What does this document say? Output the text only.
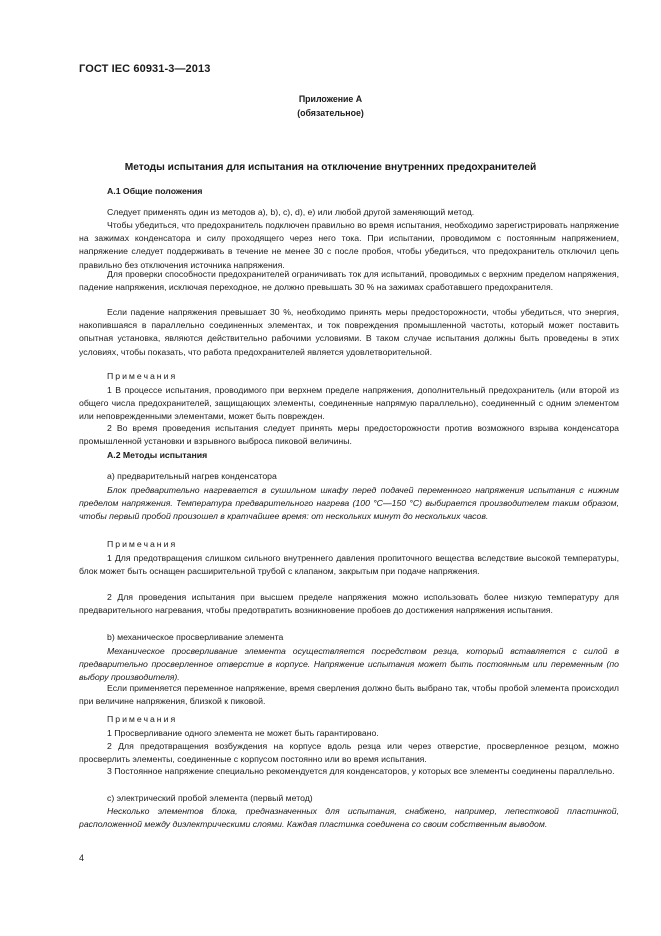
ГОСТ IEC 60931-3—2013
Приложение А
(обязательное)
Методы испытания для испытания на отключение внутренних предохранителей

А.1 Общие положения

Следует применять один из методов а), b), с), d), е) или любой другой заменяющий метод.

Чтобы убедиться, что предохранитель подключен правильно во время испытания, необходимо зарегистрировать напряжение на зажимах конденсатора и силу проходящего через него тока. При испытании, проводимом с постоянным напряжением, напряжение следует поддерживать в течение не менее 30 с после пробоя, чтобы убедиться, что предохранитель отключил цепь правильно без отключения источника напряжения.

Для проверки способности предохранителей ограничивать ток для испытаний, проводимых с верхним пределом напряжения, падение напряжения, исключая переходное, не должно превышать 30 % на зажимах сработавшего предохранителя.

Если падение напряжения превышает 30 %, необходимо принять меры предосторожности, чтобы убедиться, что энергия, накопившаяся в параллельно соединенных элементах, и ток повреждения промышленной частоты, который может поставить опытная установка, являются действительно рабочими условиями. В таком случае испытания должны быть проведены в этих условиях, чтобы показать, что работа предохранителей является удовлетворительной.

Примечания

1 В процессе испытания, проводимого при верхнем пределе напряжения, дополнительный предохранитель (или второй из общего числа предохранителей, защищающих элементы, соединенные напрямую параллельно), соединенный с одним элементом или неповрежденными элементами, может быть поврежден.

2 Во время проведения испытания следует принять меры предосторожности против возможного взрыва конденсатора промышленной установки и взрывного выброса пиковой величины.

А.2 Методы испытания

а) предварительный нагрев конденсатора

Блок предварительно нагревается в сушильном шкафу перед подачей переменного напряжения испытания с нижним пределом напряжения. Температура предварительного нагрева (100 °С—150 °С) выбирается производителем таким образом, чтобы первый пробой произошел в кратчайшее время: от нескольких минут до нескольких часов.

Примечания

1 Для предотвращения слишком сильного внутреннего давления пропиточного вещества вследствие высокой температуры, блок может быть оснащен расширительной трубой с клапаном, закрытым при подаче напряжения.

2 Для проведения испытания при высшем пределе напряжения можно использовать более низкую температуру для предварительного нагревания, чтобы предотвратить возникновение пробоев до достижения напряжения испытания.

b) механическое просверливание элемента

Механическое просверливание элемента осуществляется посредством резца, который вставляется с силой в предварительно просверленное отверстие в корпусе. Напряжение испытания может быть постоянным или переменным (по выбору производителя).

Если применяется переменное напряжение, время сверления должно быть выбрано так, чтобы пробой элемента происходил при величине напряжения, близкой к пиковой.

Примечания

1 Просверливание одного элемента не может быть гарантировано.

2 Для предотвращения возбуждения на корпусе вдоль резца или через отверстие, просверленное резцом, можно просверлить элементы, соединенные с корпусом постоянно или во время испытания.

3 Постоянное напряжение специально рекомендуется для конденсаторов, у которых все элементы соединены параллельно.

с) электрический пробой элемента (первый метод)

Несколько элементов блока, предназначенных для испытания, снабжено, например, лепестковой пластинкой, расположенной между диэлектрическими слоями. Каждая пластинка соединена со своим собственным выводом.

4
